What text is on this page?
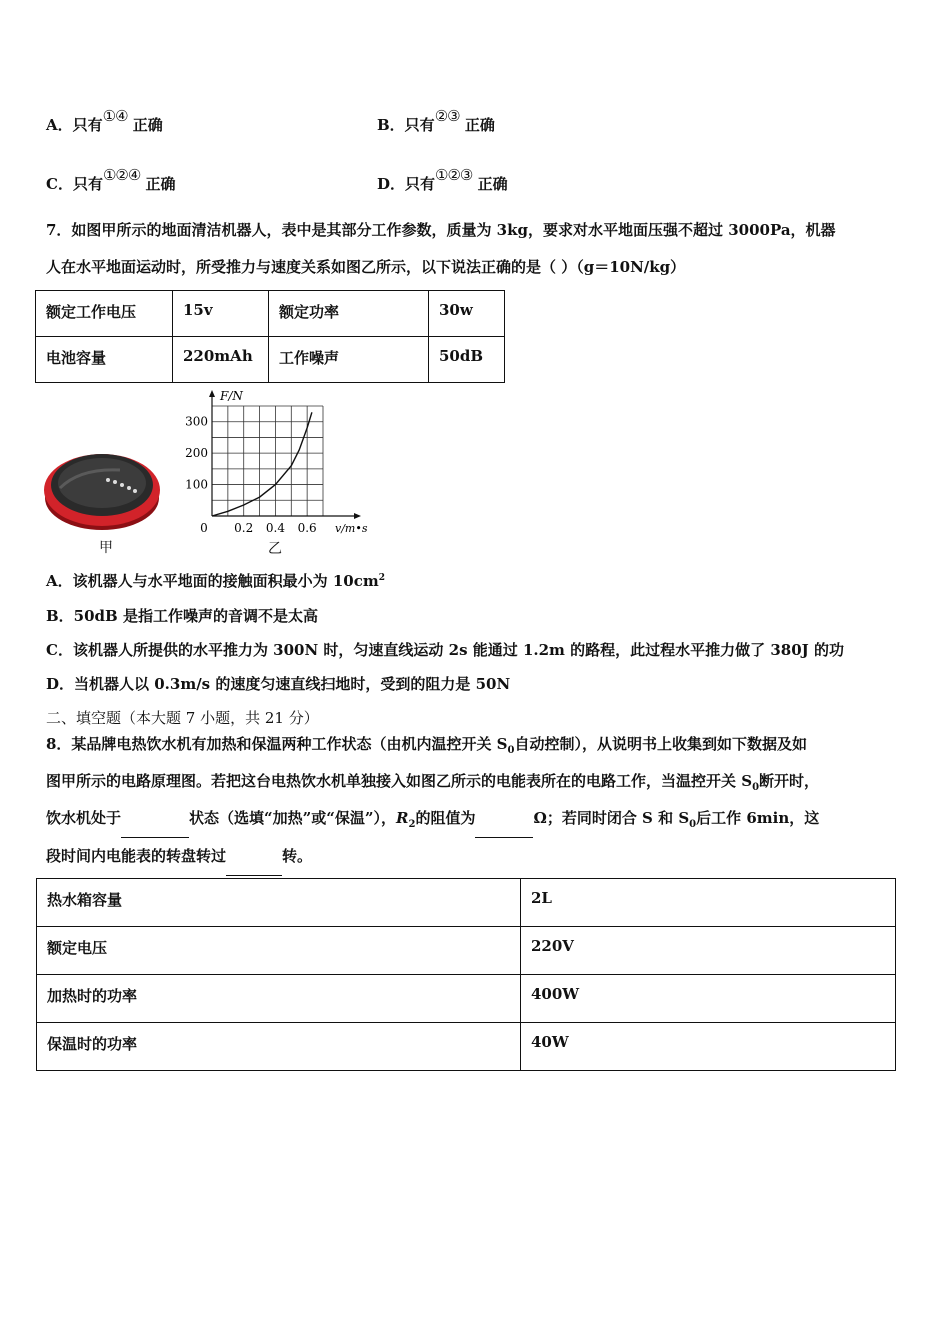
A．只有①④ 正确	B．只有②③ 正确
C．只有①②④ 正确	D．只有①②③ 正确
7．如图甲所示的地面清洁机器人，表中是其部分工作参数，质量为 3kg，要求对水平地面压强不超过 3000Pa，机器
人在水平地面运动时，所受推力与速度关系如图乙所示，以下说法正确的是（ ）（g＝10N/kg）
额定工作电压	15v	额定功率	30w
电池容量	220mAh	工作噪声	50dB
甲
0 0.2 0.4 0.6
100
200
300
F/N
v/m•s
乙
A．该机器人与水平地面的接触面积最小为 $10cm^2$
B．50dB 是指工作噪声的音调不是太高
C．该机器人所提供的水平推力为 300N 时，匀速直线运动 2s 能通过 1.2m 的路程，此过程水平推力做了 380J 的功
D．当机器人以 0.3m/s 的速度匀速直线扫地时，受到的阻力是 50N
二、填空题（本大题 7 小题，共 21 分）
8．某品牌电热饮水机有加热和保温两种工作状态（由机内温控开关 $S_0$自动控制），从说明书上收集到如下数据及如
图甲所示的电路原理图。若把这台电热饮水机单独接入如图乙所示的电能表所在的电路工作，当温控开关 $S_0$断开时，
饮水机处于	状态（选填“加热”或“保温”），$R_2$的阻值为	Ω；若同时闭合 S 和 $S_0$后工作 6min，这
段时间内电能表的转盘转过	转。
热水箱容量	2L
额定电压	220V
加热时的功率	400W
保温时的功率	40W
